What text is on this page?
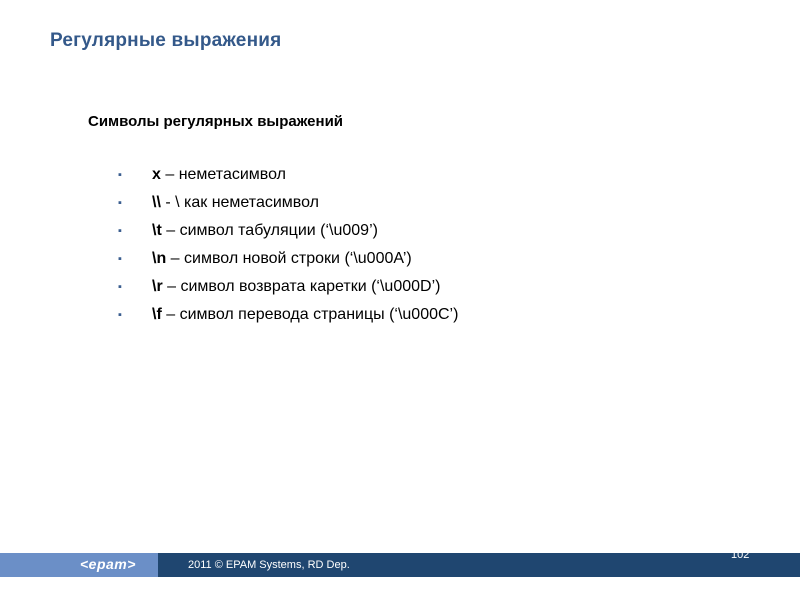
Регулярные выражения
Символы регулярных выражений
▪ x – неметасимвол
▪ \\ - \ как неметасимвол
▪ \t – символ табуляции (‘\u009’)
▪ \n – символ новой строки (‘\u000A’)
▪ \r – символ возврата каретки (‘\u000D’)
▪ \f – символ перевода страницы (‘\u000C’)
<epam>	2011 © EPAM Systems, RD Dep.
102
